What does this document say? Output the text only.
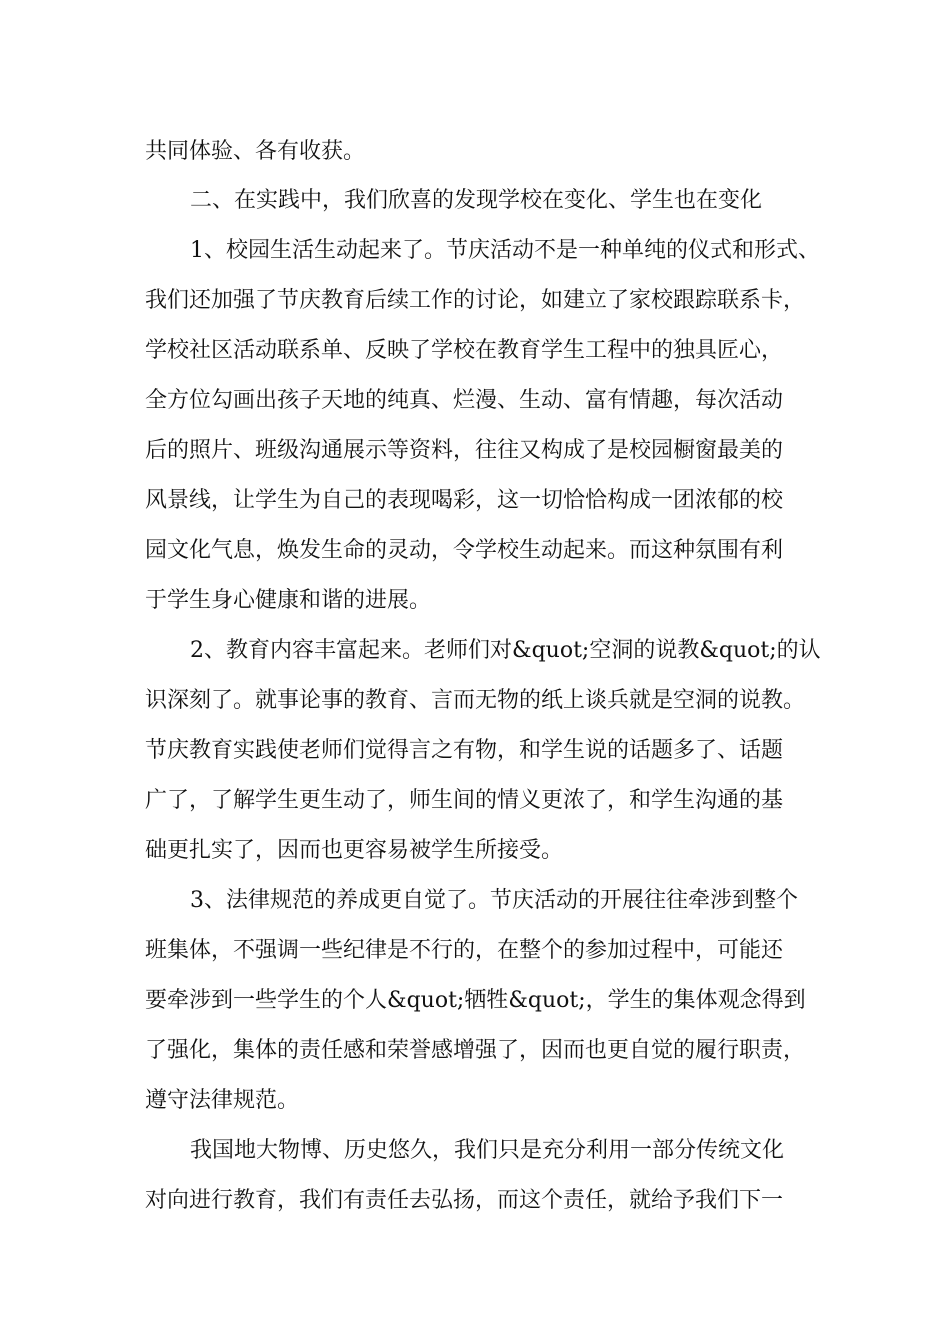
共同体验、各有收获。
二、在实践中，我们欣喜的发现学校在变化、学生也在变化
1、校园生活生动起来了。节庆活动不是一种单纯的仪式和形式、
我们还加强了节庆教育后续工作的讨论，如建立了家校跟踪联系卡，
学校社区活动联系单、反映了学校在教育学生工程中的独具匠心，
全方位勾画出孩子天地的纯真、烂漫、生动、富有情趣，每次活动
后的照片、班级沟通展示等资料，往往又构成了是校园橱窗最美的
风景线，让学生为自己的表现喝彩，这一切恰恰构成一团浓郁的校
园文化气息，焕发生命的灵动，令学校生动起来。而这种氛围有利
于学生身心健康和谐的进展。
2、教育内容丰富起来。老师们对&quot;空洞的说教&quot;的认
识深刻了。就事论事的教育、言而无物的纸上谈兵就是空洞的说教。
节庆教育实践使老师们觉得言之有物，和学生说的话题多了、话题
广了，了解学生更生动了，师生间的情义更浓了，和学生沟通的基
础更扎实了，因而也更容易被学生所接受。
3、法律规范的养成更自觉了。节庆活动的开展往往牵涉到整个
班集体，不强调一些纪律是不行的，在整个的参加过程中，可能还
要牵涉到一些学生的个人&quot;牺牲&quot;，学生的集体观念得到
了强化，集体的责任感和荣誉感增强了，因而也更自觉的履行职责，
遵守法律规范。
我国地大物博、历史悠久，我们只是充分利用一部分传统文化
对向进行教育，我们有责任去弘扬，而这个责任，就给予我们下一
